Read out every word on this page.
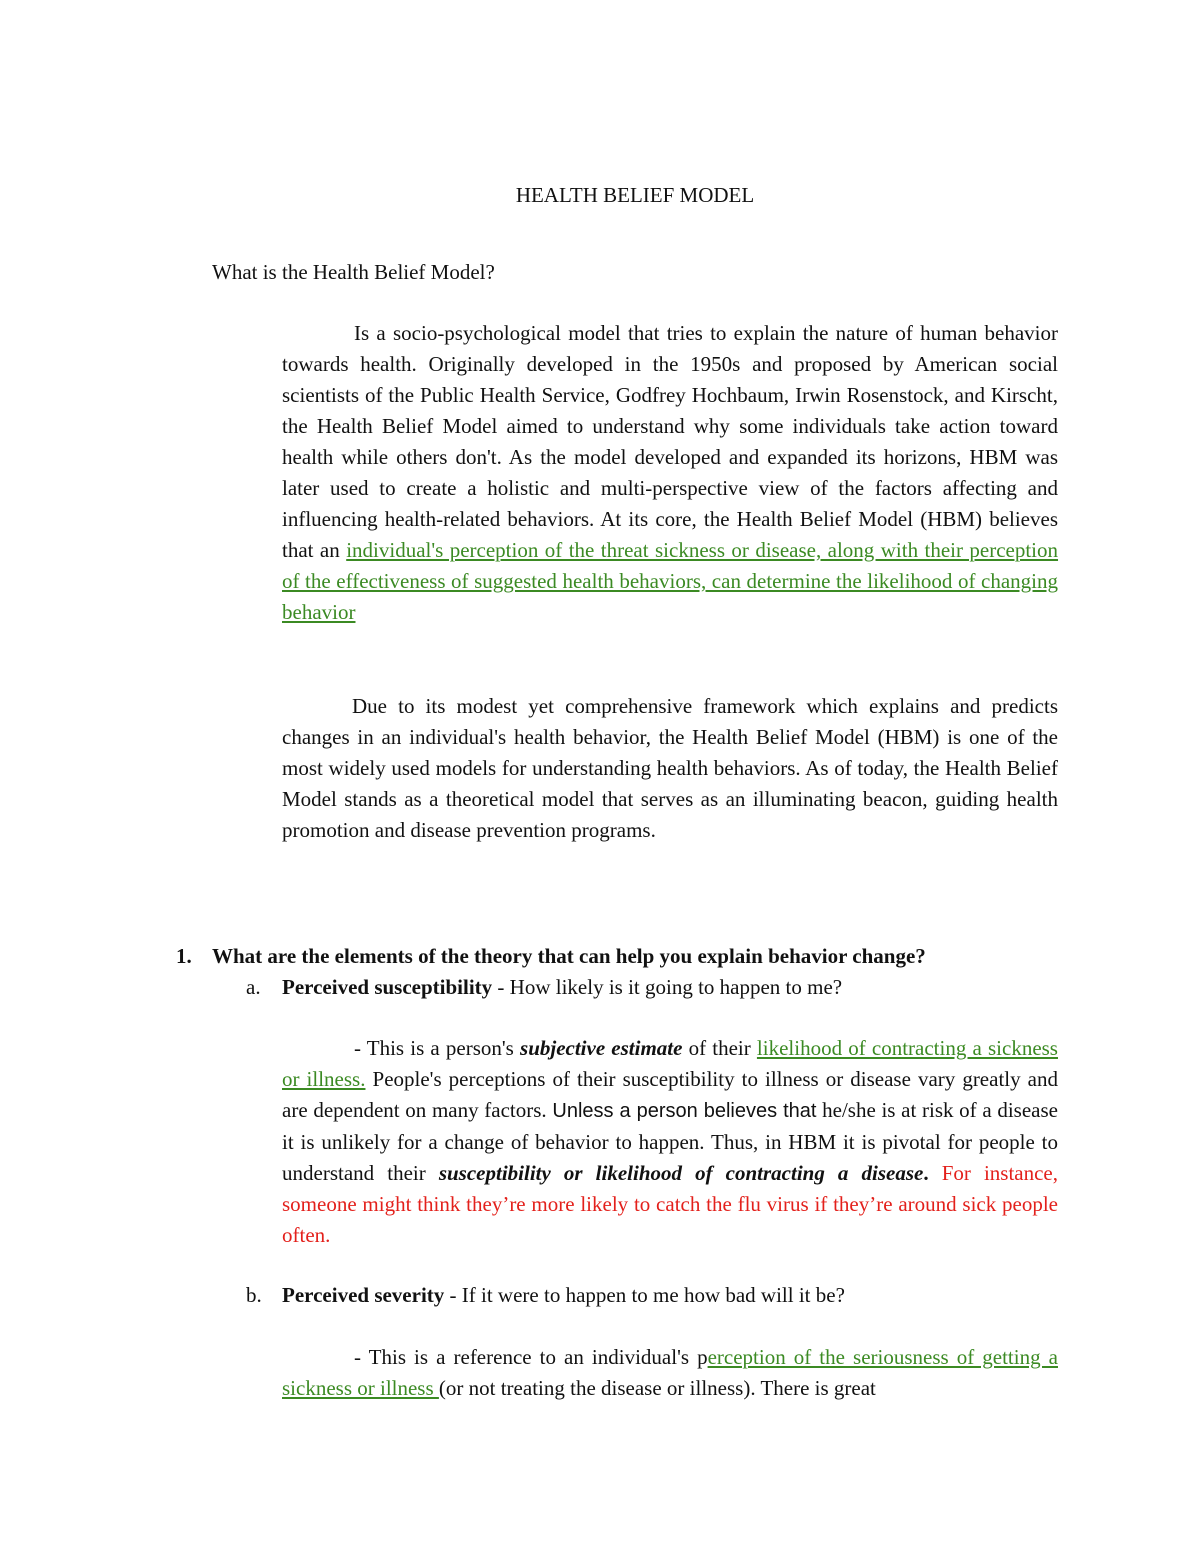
HEALTH BELIEF MODEL
What is the Health Belief Model?
Is a socio-psychological model that tries to explain the nature of human behavior towards health. Originally developed in the 1950s and proposed by American social scientists of the Public Health Service, Godfrey Hochbaum, Irwin Rosenstock, and Kirscht, the Health Belief Model aimed to understand why some individuals take action toward health while others don't. As the model developed and expanded its horizons, HBM was later used to create a holistic and multi-perspective view of the factors affecting and influencing health-related behaviors. At its core, the Health Belief Model (HBM) believes that an individual's perception of the threat sickness or disease, along with their perception of the effectiveness of suggested health behaviors, can determine the likelihood of changing behavior
Due to its modest yet comprehensive framework which explains and predicts changes in an individual's health behavior, the Health Belief Model (HBM) is one of the most widely used models for understanding health behaviors. As of today, the Health Belief Model stands as a theoretical model that serves as an illuminating beacon, guiding health promotion and disease prevention programs.
1. What are the elements of the theory that can help you explain behavior change?
a. Perceived susceptibility - How likely is it going to happen to me?
- This is a person's subjective estimate of their likelihood of contracting a sickness or illness. People's perceptions of their susceptibility to illness or disease vary greatly and are dependent on many factors. Unless a person believes that he/she is at risk of a disease it is unlikely for a change of behavior to happen. Thus, in HBM it is pivotal for people to understand their susceptibility or likelihood of contracting a disease. For instance, someone might think they’re more likely to catch the flu virus if they’re around sick people often.
b. Perceived severity - If it were to happen to me how bad will it be?
- This is a reference to an individual's perception of the seriousness of getting a sickness or illness (or not treating the disease or illness). There is great
